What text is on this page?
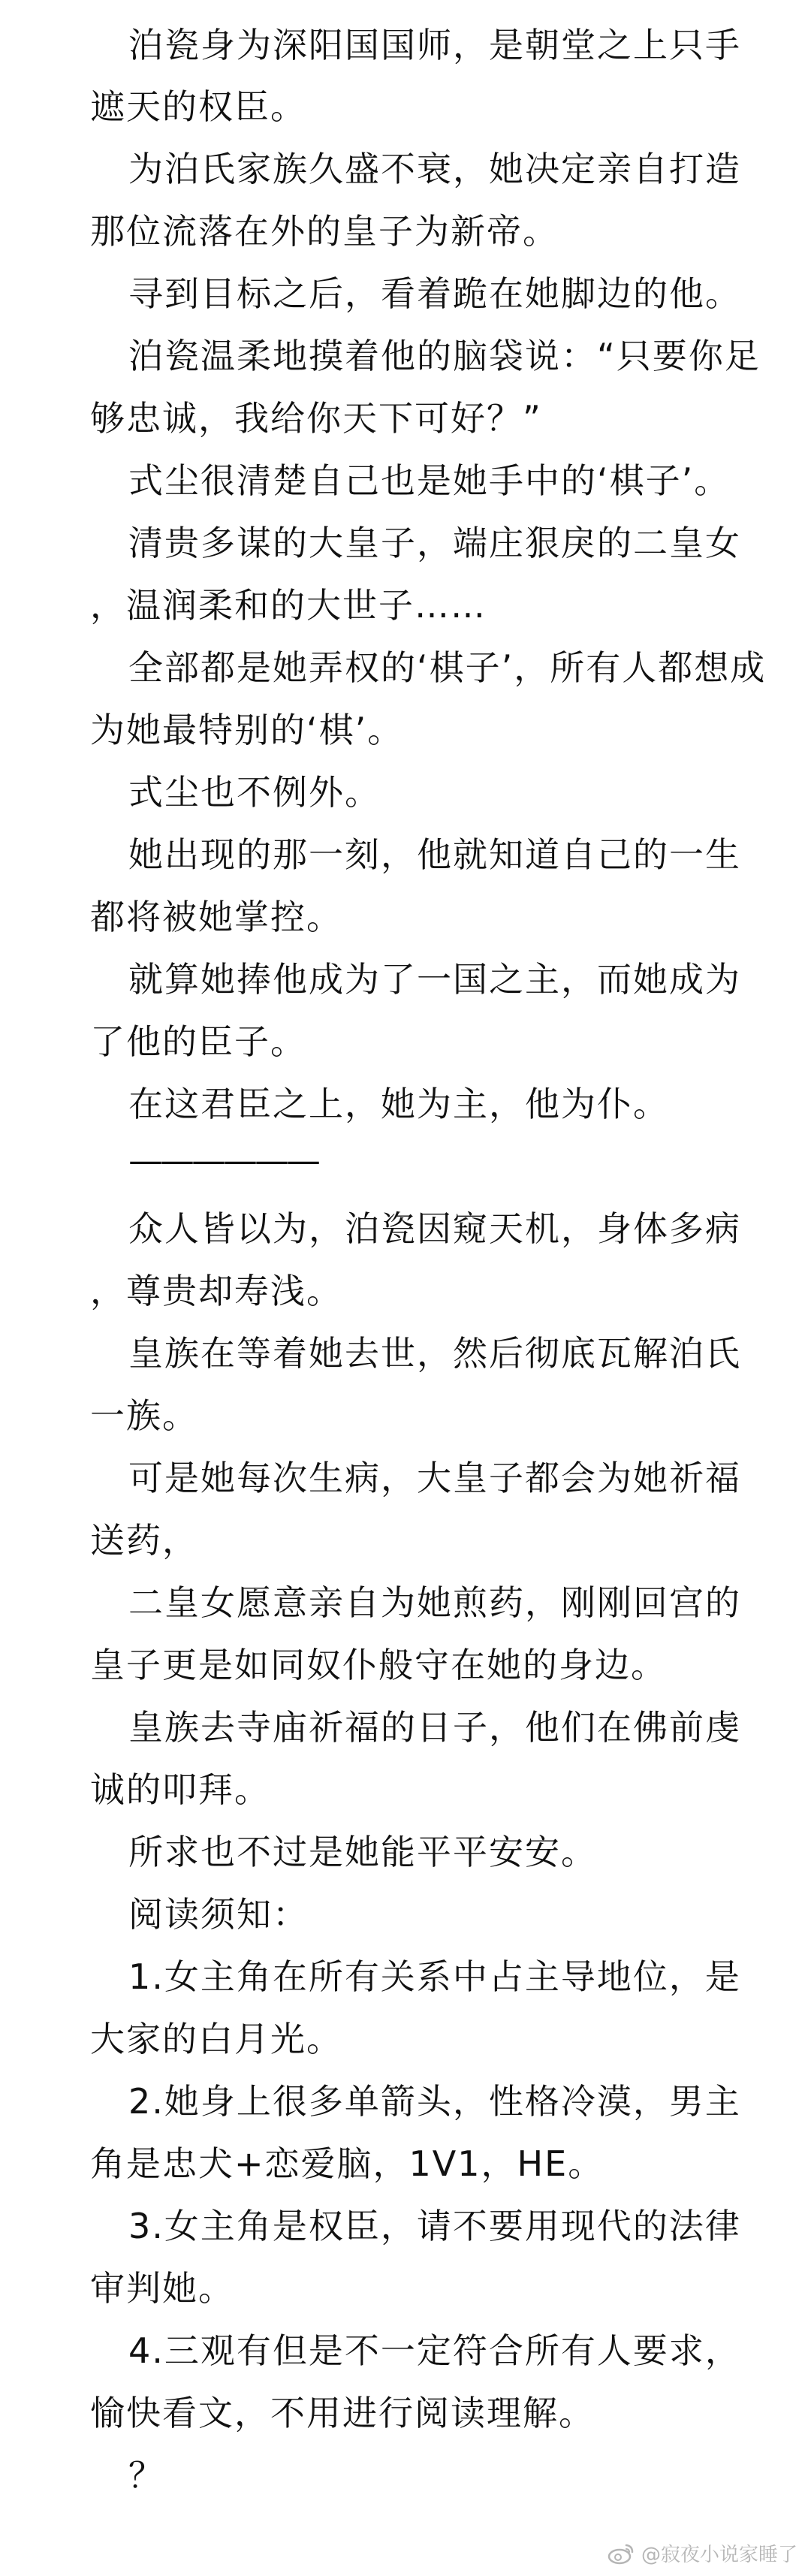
泊瓷身为深阳国国师，是朝堂之上只手
遮天的权臣。
为泊氏家族久盛不衰，她决定亲自打造
那位流落在外的皇子为新帝。
寻到目标之后，看着跪在她脚边的他。
泊瓷温柔地摸着他的脑袋说：“只要你足
够忠诚，我给你天下可好？”
式尘很清楚自己也是她手中的‘棋子’。
清贵多谋的大皇子，端庄狠戾的二皇女
，温润柔和的大世子……
全部都是她弄权的‘棋子’，所有人都想成
为她最特别的‘棋’。
式尘也不例外。
她出现的那一刻，他就知道自己的一生
都将被她掌控。
就算她捧他成为了一国之主，而她成为
了他的臣子。
在这君臣之上，她为主，他为仆。
——————
众人皆以为，泊瓷因窥天机，身体多病
，尊贵却寿浅。
皇族在等着她去世，然后彻底瓦解泊氏
一族。
可是她每次生病，大皇子都会为她祈福
送药，
二皇女愿意亲自为她煎药，刚刚回宫的
皇子更是如同奴仆般守在她的身边。
皇族去寺庙祈福的日子，他们在佛前虔
诚的叩拜。
所求也不过是她能平平安安。
阅读须知：
1.女主角在所有关系中占主导地位，是
大家的白月光。
2.她身上很多单箭头，性格冷漠，男主
角是忠犬+恋爱脑，1V1，HE。
3.女主角是权臣，请不要用现代的法律
审判她。
4.三观有但是不一定符合所有人要求，
愉快看文，不用进行阅读理解。
？
@寂夜小说家睡了
